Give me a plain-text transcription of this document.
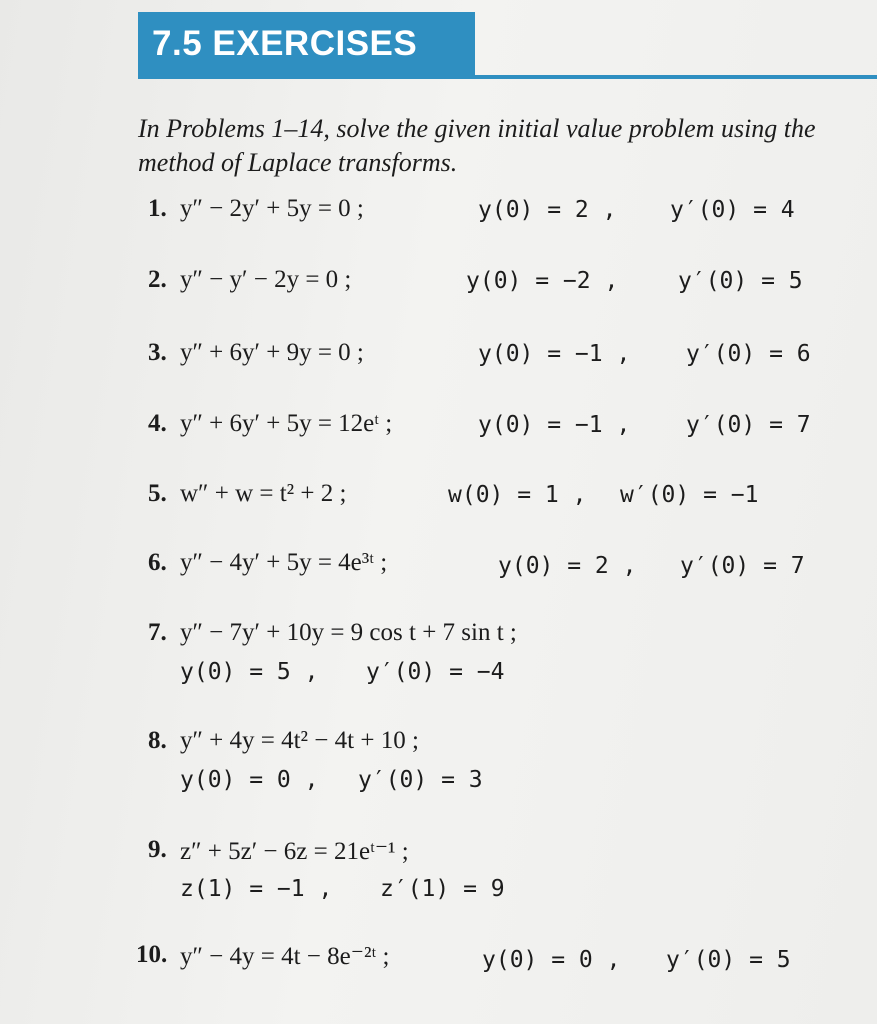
7.5 EXERCISES
In Problems 1–14, solve the given initial value problem using the method of Laplace transforms.
1. y″ − 2y′ + 5y = 0 ;	y(0) = 2 , y′(0) = 4
2. y″ − y′ − 2y = 0 ;	y(0) = −2 ,	y′(0) = 5
3. y″ + 6y′ + 9y = 0 ;	y(0) = −1 , y′(0) = 6
4. y″ + 6y′ + 5y = 12eᵗ ;	y(0) = −1 , y′(0) = 7
5. w″ + w = t² + 2 ;	w(0) = 1 , w′(0) = −1
6. y″ − 4y′ + 5y = 4e³ᵗ ;	y(0) = 2 , y′(0) = 7
7. y″ − 7y′ + 10y = 9 cos t + 7 sin t ;
y(0) = 5 , y′(0) = −4
8. y″ + 4y = 4t² − 4t + 10 ;
y(0) = 0 , y′(0) = 3
9. z″ + 5z′ − 6z = 21eᵗ⁻¹ ;
z(1) = −1 , z′(1) = 9
10. y″ − 4y = 4t − 8e⁻²ᵗ ;	y(0) = 0 , y′(0) = 5
